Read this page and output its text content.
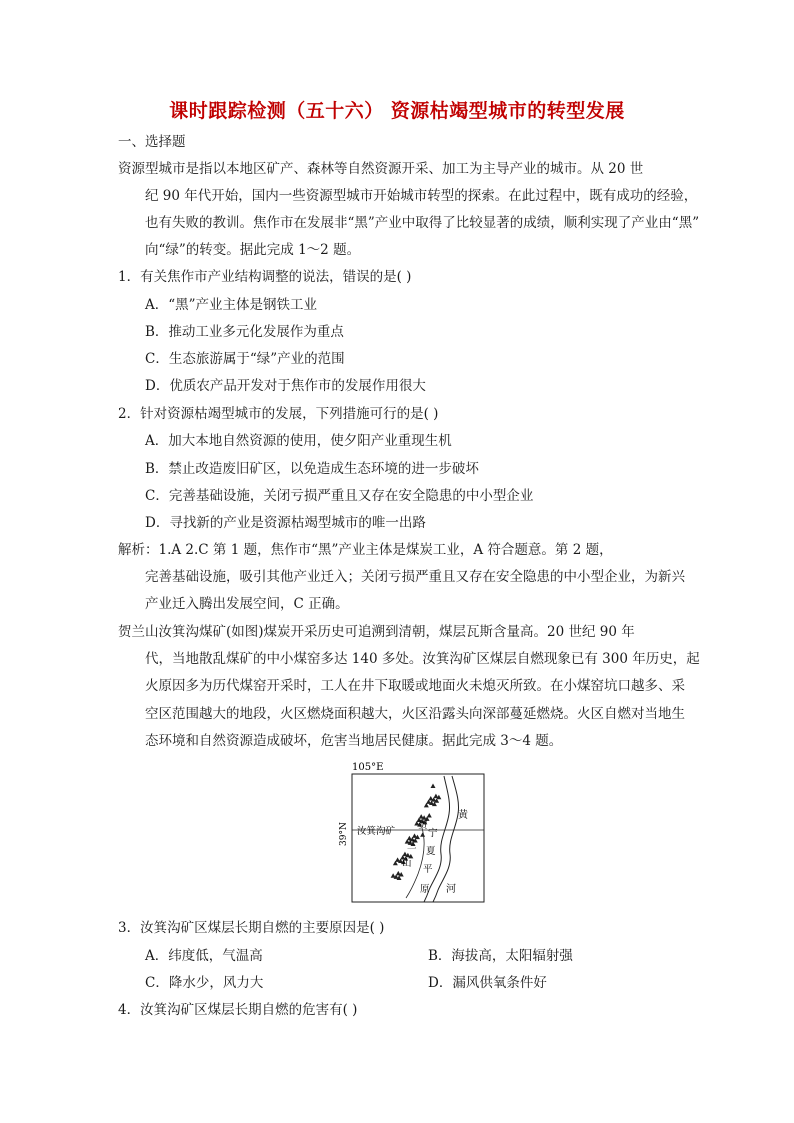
课时跟踪检测（五十六） 资源枯竭型城市的转型发展
一、选择题
资源型城市是指以本地区矿产、森林等自然资源开采、加工为主导产业的城市。从 20 世
纪 90 年代开始，国内一些资源型城市开始城市转型的探索。在此过程中，既有成功的经验，
也有失败的教训。焦作市在发展非“黑”产业中取得了比较显著的成绩，顺利实现了产业由“黑”
向“绿”的转变。据此完成 1～2 题。
1．有关焦作市产业结构调整的说法，错误的是( )
A．“黑”产业主体是钢铁工业
B．推动工业多元化发展作为重点
C．生态旅游属于“绿”产业的范围
D．优质农产品开发对于焦作市的发展作用很大
2．针对资源枯竭型城市的发展，下列措施可行的是( )
A．加大本地自然资源的使用，使夕阳产业重现生机
B．禁止改造废旧矿区，以免造成生态环境的进一步破坏
C．完善基础设施，关闭亏损严重且又存在安全隐患的中小型企业
D．寻找新的产业是资源枯竭型城市的唯一出路
解析：1.A 2.C 第 1 题，焦作市“黑”产业主体是煤炭工业，A 符合题意。第 2 题，
完善基础设施，吸引其他产业迁入；关闭亏损严重且又存在安全隐患的中小型企业，为新兴
产业迁入腾出发展空间，C 正确。
贺兰山汝箕沟煤矿(如图)煤炭开采历史可追溯到清朝，煤层瓦斯含量高。20 世纪 90 年
代，当地散乱煤矿的中小煤窑多达 140 多处。汝箕沟矿区煤层自燃现象已有 300 年历史，起
火原因多为历代煤窑开采时，工人在井下取暖或地面火未熄灭所致。在小煤窑坑口越多、采
空区范围越大的地段，火区燃烧面积越大，火区沿露头向深部蔓延燃烧。火区自燃对当地生
态环境和自然资源造成破坏，危害当地居民健康。据此完成 3～4 题。
105°E
39°N 汝箕沟矿
黄
河
贺
兰
山
宁
夏
平
原
3．汝箕沟矿区煤层长期自燃的主要原因是( )
A．纬度低，气温高	B．海拔高，太阳辐射强
C．降水少，风力大	D．漏风供氧条件好
4．汝箕沟矿区煤层长期自燃的危害有( )
